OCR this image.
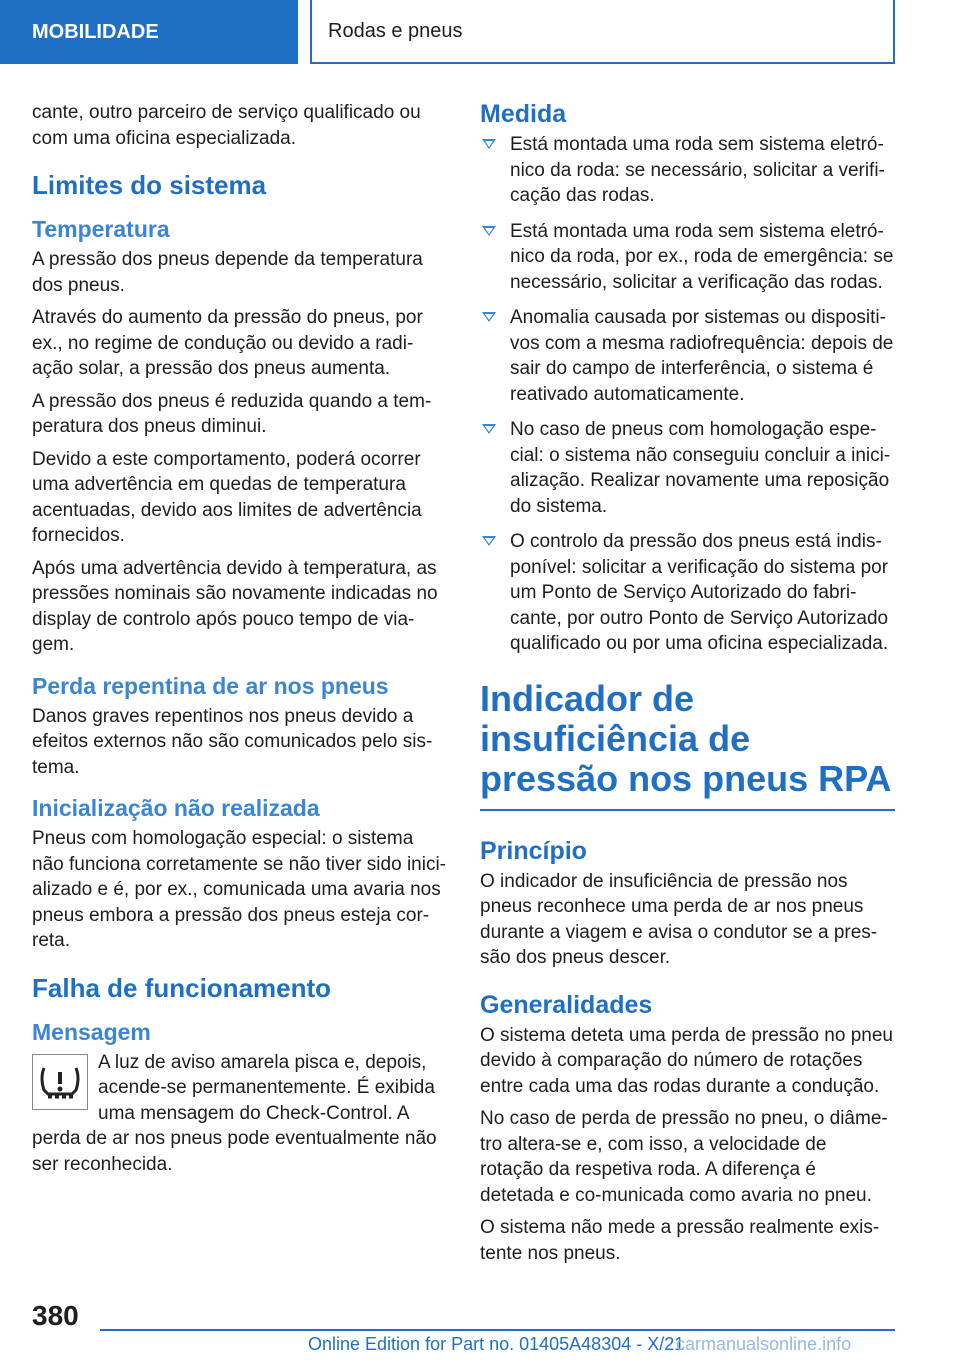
MOBILIDADE	Rodas e pneus

cante, outro parceiro de serviço qualificado ou com uma oficina especializada.

Limites do sistema
Temperatura

A pressão dos pneus depende da temperatura dos pneus.

Através do aumento da pressão do pneus, por ex., no regime de condução ou devido a radi-ação solar, a pressão dos pneus aumenta.

A pressão dos pneus é reduzida quando a tem-peratura dos pneus diminui.

Devido a este comportamento, poderá ocorrer uma advertência em quedas de temperatura acentuadas, devido aos limites de advertência fornecidos.

Após uma advertência devido à temperatura, as pressões nominais são novamente indicadas no display de controlo após pouco tempo de via-gem.

Perda repentina de ar nos pneus

Danos graves repentinos nos pneus devido a efeitos externos não são comunicados pelo sis-tema.

Inicialização não realizada

Pneus com homologação especial: o sistema não funciona corretamente se não tiver sido inici-alizado e é, por ex., comunicada uma avaria nos pneus embora a pressão dos pneus esteja cor-reta.

Falha de funcionamento
Mensagem

A luz de aviso amarela pisca e, depois, acende-se permanentemente. É exibida uma mensagem do Check-Control. A perda de ar nos pneus pode eventualmente não ser reconhecida.

Medida
Está montada uma roda sem sistema eletró-nico da roda: se necessário, solicitar a verifi-cação das rodas.
Está montada uma roda sem sistema eletró-nico da roda, por ex., roda de emergência: se necessário, solicitar a verificação das rodas.
Anomalia causada por sistemas ou dispositi-vos com a mesma radiofrequência: depois de sair do campo de interferência, o sistema é reativado automaticamente.
No caso de pneus com homologação espe-cial: o sistema não conseguiu concluir a inici-alização. Realizar novamente uma reposição do sistema.
O controlo da pressão dos pneus está indis-ponível: solicitar a verificação do sistema por um Ponto de Serviço Autorizado do fabri-cante, por outro Ponto de Serviço Autorizado qualificado ou por uma oficina especializada.
Indicador de insuficiência de pressão nos pneus RPA
Princípio

O indicador de insuficiência de pressão nos pneus reconhece uma perda de ar nos pneus durante a viagem e avisa o condutor se a pres-são dos pneus descer.

Generalidades

O sistema deteta uma perda de pressão no pneu devido à comparação do número de rotações entre cada uma das rodas durante a condução.

No caso de perda de pressão no pneu, o diâme-tro altera-se e, com isso, a velocidade de rotação da respetiva roda. A diferença é detetada e co-municada como avaria no pneu.

O sistema não mede a pressão realmente exis-tente nos pneus.

380
Online Edition for Part no. 01405A48304 - X/21
carmanualsonline.info
